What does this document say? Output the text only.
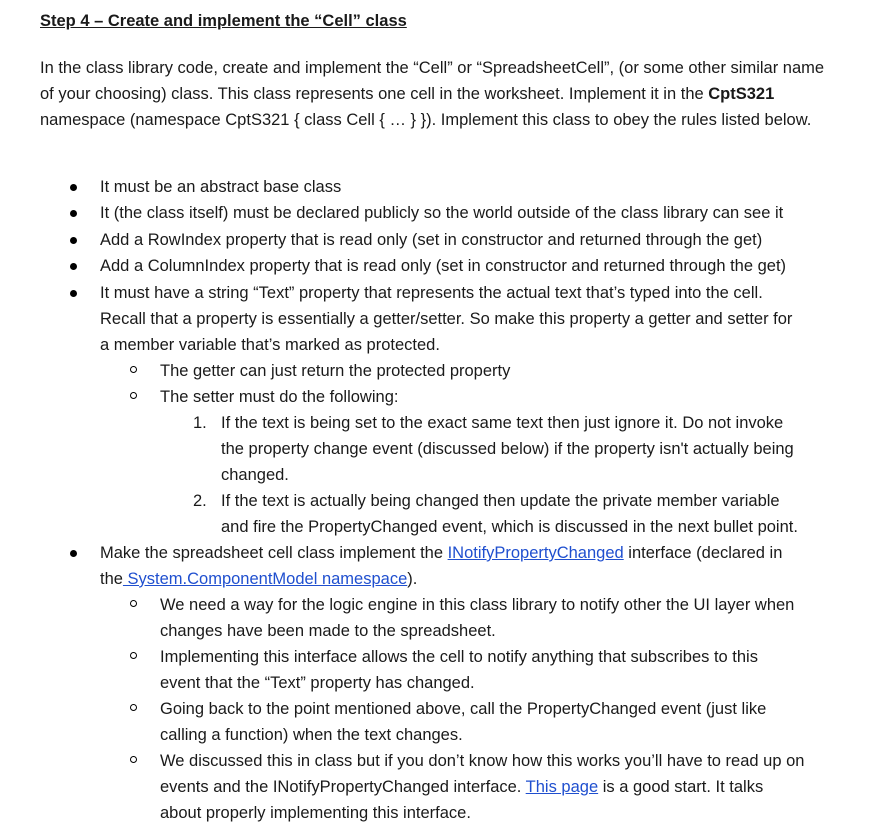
Step 4 – Create and implement the “Cell” class

In the class library code, create and implement the “Cell” or “SpreadsheetCell”, (or some other similar name of your choosing) class. This class represents one cell in the worksheet. Implement it in the CptS321 namespace (namespace CptS321 { class Cell { … } }). Implement this class to obey the rules listed below.

It must be an abstract base class
It (the class itself) must be declared publicly so the world outside of the class library can see it
Add a RowIndex property that is read only (set in constructor and returned through the get)
Add a ColumnIndex property that is read only (set in constructor and returned through the get)
It must have a string “Text” property that represents the actual text that’s typed into the cell.
Recall that a property is essentially a getter/setter. So make this property a getter and setter for
a member variable that’s marked as protected.
The getter can just return the protected property
The setter must do the following:
1. If the text is being set to the exact same text then just ignore it. Do not invoke
the property change event (discussed below) if the property isn't actually being
changed.
2. If the text is actually being changed then update the private member variable
and fire the PropertyChanged event, which is discussed in the next bullet point.
Make the spreadsheet cell class implement the INotifyPropertyChanged interface (declared in
the System.ComponentModel namespace).
We need a way for the logic engine in this class library to notify other the UI layer when
changes have been made to the spreadsheet.
Implementing this interface allows the cell to notify anything that subscribes to this
event that the “Text” property has changed.
Going back to the point mentioned above, call the PropertyChanged event (just like
calling a function) when the text changes.
We discussed this in class but if you don’t know how this works you’ll have to read up on
events and the INotifyPropertyChanged interface. This page is a good start. It talks
about properly implementing this interface.
